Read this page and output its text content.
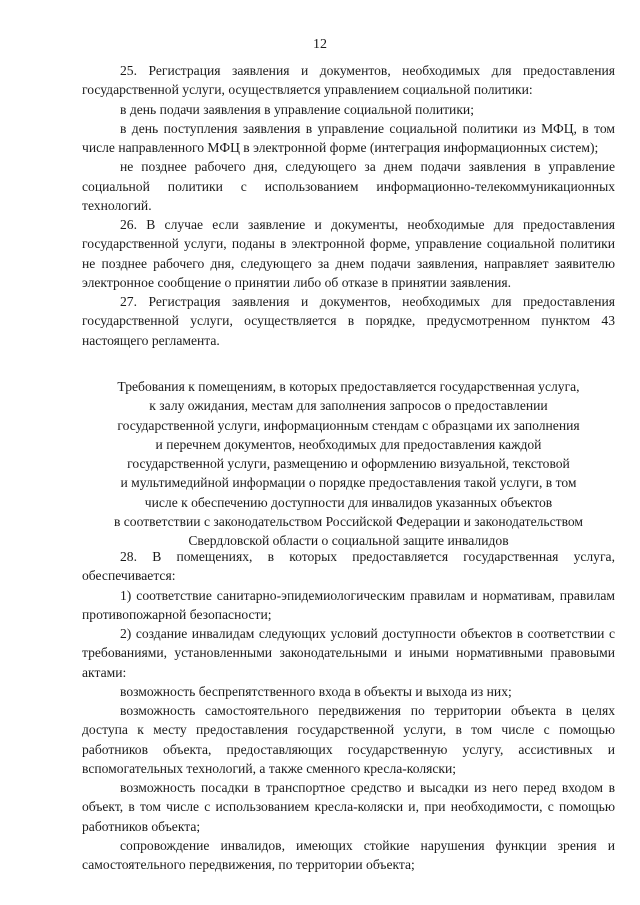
12

25. Регистрация заявления и документов, необходимых для предоставления государственной услуги, осуществляется управлением социальной политики:

в день подачи заявления в управление социальной политики;

в день поступления заявления в управление социальной политики из МФЦ, в том числе направленного МФЦ в электронной форме (интеграция информационных систем);

не позднее рабочего дня, следующего за днем подачи заявления в управление социальной политики с использованием информационно-телекоммуникационных технологий.

26. В случае если заявление и документы, необходимые для предоставления государственной услуги, поданы в электронной форме, управление социальной политики не позднее рабочего дня, следующего за днем подачи заявления, направляет заявителю электронное сообщение о принятии либо об отказе в принятии заявления.

27. Регистрация заявления и документов, необходимых для предоставления государственной услуги, осуществляется в порядке, предусмотренном пунктом 43 настоящего регламента.

Требования к помещениям, в которых предоставляется государственная услуга,

к залу ожидания, местам для заполнения запросов о предоставлении

государственной услуги, информационным стендам с образцами их заполнения

и перечнем документов, необходимых для предоставления каждой

государственной услуги, размещению и оформлению визуальной, текстовой

и мультимедийной информации о порядке предоставления такой услуги, в том

числе к обеспечению доступности для инвалидов указанных объектов

в соответствии с законодательством Российской Федерации и законодательством

Свердловской области о социальной защите инвалидов

28. В помещениях, в которых предоставляется государственная услуга, обеспечивается:

1) соответствие санитарно-эпидемиологическим правилам и нормативам, правилам противопожарной безопасности;

2) создание инвалидам следующих условий доступности объектов в соответствии с требованиями, установленными законодательными и иными нормативными правовыми актами:

возможность беспрепятственного входа в объекты и выхода из них;

возможность самостоятельного передвижения по территории объекта в целях доступа к месту предоставления государственной услуги, в том числе с помощью работников объекта, предоставляющих государственную услугу, ассистивных и вспомогательных технологий, а также сменного кресла-коляски;

возможность посадки в транспортное средство и высадки из него перед входом в объект, в том числе с использованием кресла-коляски и, при необходимости, с помощью работников объекта;

сопровождение инвалидов, имеющих стойкие нарушения функции зрения и самостоятельного передвижения, по территории объекта;
